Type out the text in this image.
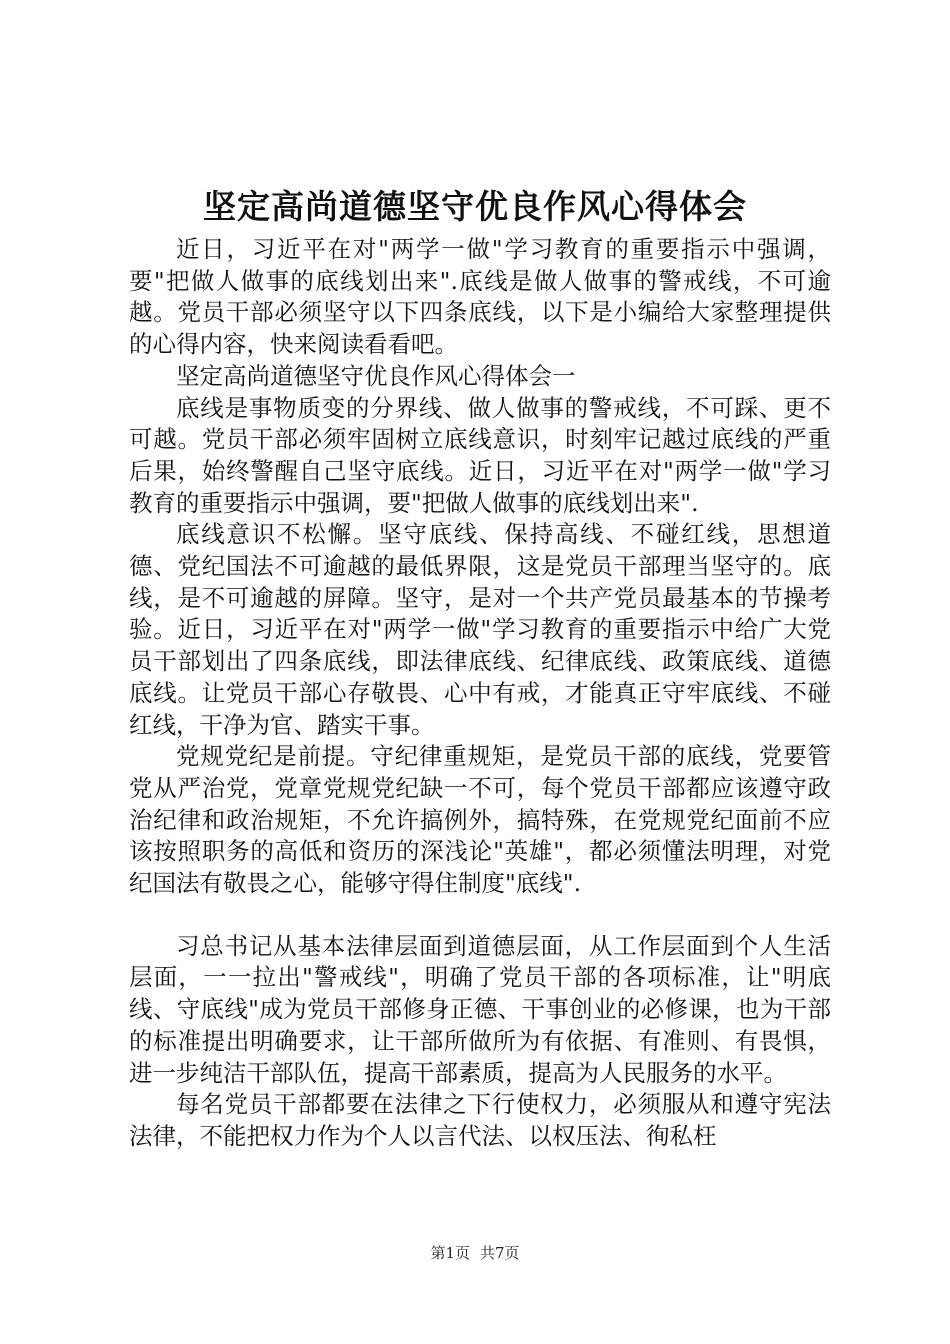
坚定高尚道德坚守优良作风心得体会

近日，习近平在对"两学一做"学习教育的重要指示中强调，要"把做人做事的底线划出来".底线是做人做事的警戒线，不可逾越。党员干部必须坚守以下四条底线，以下是小编给大家整理提供的心得内容，快来阅读看看吧。

坚定高尚道德坚守优良作风心得体会一

底线是事物质变的分界线、做人做事的警戒线，不可踩、更不可越。党员干部必须牢固树立底线意识，时刻牢记越过底线的严重后果，始终警醒自己坚守底线。近日，习近平在对"两学一做"学习教育的重要指示中强调，要"把做人做事的底线划出来".

底线意识不松懈。坚守底线、保持高线、不碰红线，思想道德、党纪国法不可逾越的最低界限，这是党员干部理当坚守的。底线，是不可逾越的屏障。坚守，是对一个共产党员最基本的节操考验。近日，习近平在对"两学一做"学习教育的重要指示中给广大党员干部划出了四条底线，即法律底线、纪律底线、政策底线、道德底线。让党员干部心存敬畏、心中有戒，才能真正守牢底线、不碰红线，干净为官、踏实干事。

党规党纪是前提。守纪律重规矩，是党员干部的底线，党要管党从严治党，党章党规党纪缺一不可，每个党员干部都应该遵守政治纪律和政治规矩，不允许搞例外，搞特殊，在党规党纪面前不应该按照职务的高低和资历的深浅论"英雄"，都必须懂法明理，对党纪国法有敬畏之心，能够守得住制度"底线".

习总书记从基本法律层面到道德层面，从工作层面到个人生活层面，一一拉出"警戒线"，明确了党员干部的各项标准，让"明底线、守底线"成为党员干部修身正德、干事创业的必修课，也为干部的标准提出明确要求，让干部所做所为有依据、有准则、有畏惧，进一步纯洁干部队伍，提高干部素质，提高为人民服务的水平。

每名党员干部都要在法律之下行使权力，必须服从和遵守宪法法律，不能把权力作为个人以言代法、以权压法、徇私枉

第1页 共7页
